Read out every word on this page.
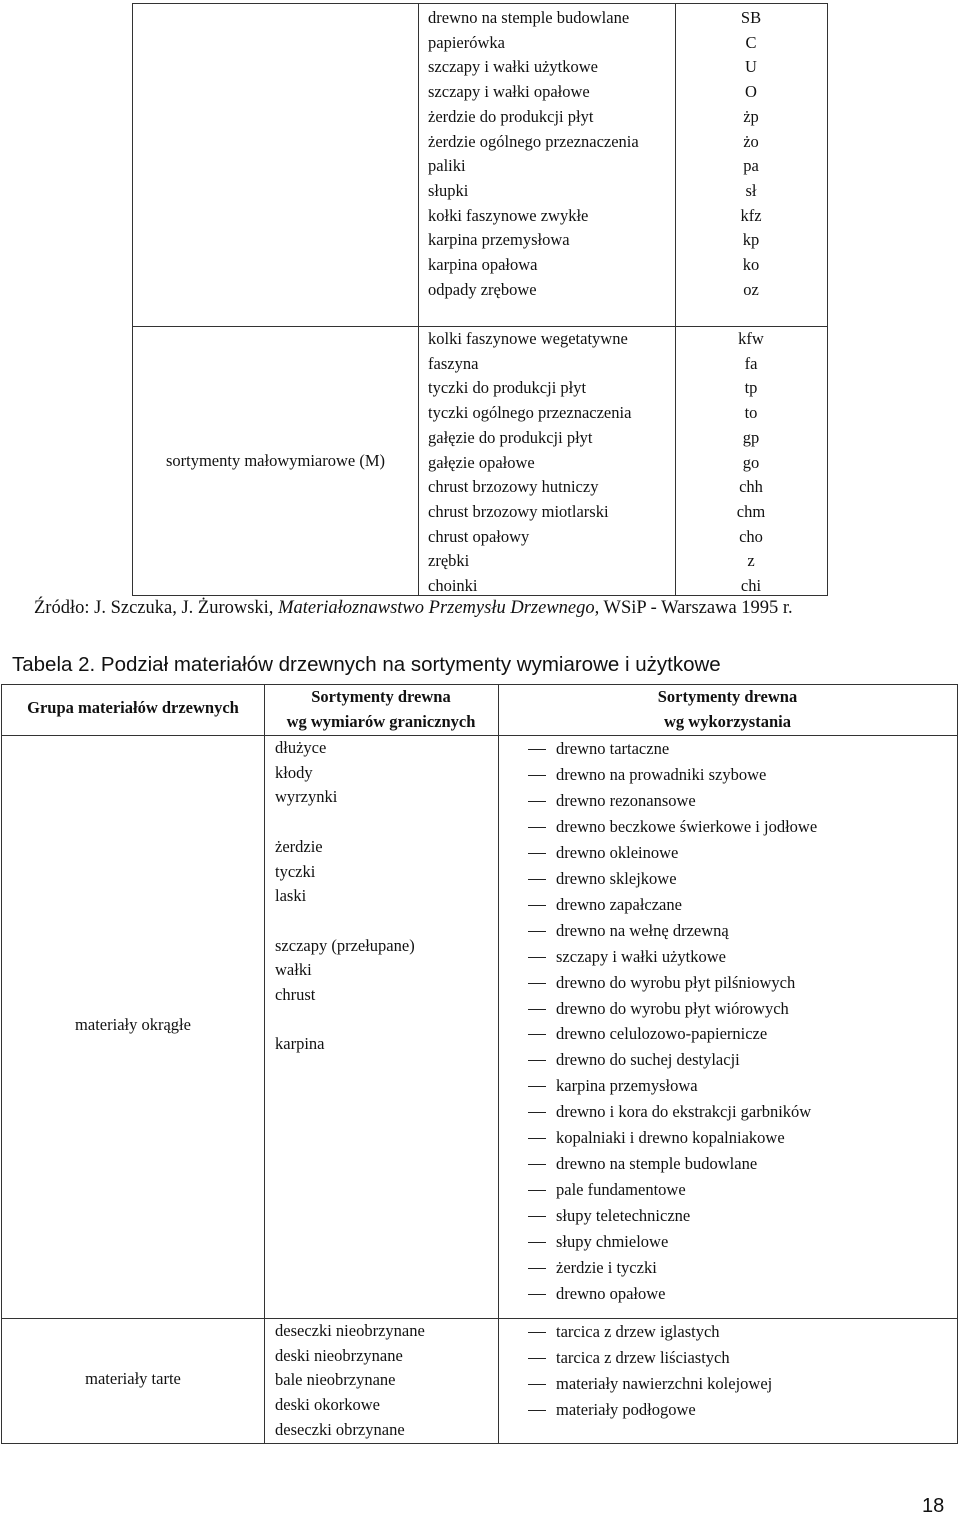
drewno na stemple budowlane
papierówka
szczapy i wałki użytkowe
szczapy i wałki opałowe
żerdzie do produkcji płyt
żerdzie ogólnego przeznaczenia
paliki
słupki
kołki faszynowe zwykłe
karpina przemysłowa
karpina opałowa
odpady zrębowe
SB
C
U
O
żp
żo
pa
sł
kfz
kp
ko
oz
sortymenty małowymiarowe (M)
kolki faszynowe wegetatywne
faszyna
tyczki do produkcji płyt
tyczki ogólnego przeznaczenia
gałęzie do produkcji płyt
gałęzie opałowe
chrust brzozowy hutniczy
chrust brzozowy miotlarski
chrust opałowy
zrębki
choinki
kfw
fa
tp
to
gp
go
chh
chm
cho
z
chi
Źródło: J. Szczuka, J. Żurowski, Materiałoznawstwo Przemysłu Drzewnego, WSiP - Warszawa 1995 r.
Tabela 2. Podział materiałów drzewnych na sortymenty wymiarowe i użytkowe
Grupa materiałów drzewnych
Sortymenty drewna
wg wymiarów granicznych
Sortymenty drewna
wg wykorzystania
materiały okrągłe
dłużyce
kłody
wyrzynki
żerdzie
tyczki
laski
szczapy (przełupane)
wałki
chrust
karpina
drewno tartaczne
drewno na prowadniki szybowe
drewno rezonansowe
drewno beczkowe świerkowe i jodłowe
drewno okleinowe
drewno sklejkowe
drewno zapałczane
drewno na wełnę drzewną
szczapy i wałki użytkowe
drewno do wyrobu płyt pilśniowych
drewno do wyrobu płyt wiórowych
drewno celulozowo-papiernicze
drewno do suchej destylacji
karpina przemysłowa
drewno i kora do ekstrakcji garbników
kopalniaki i drewno kopalniakowe
drewno na stemple budowlane
pale fundamentowe
słupy teletechniczne
słupy chmielowe
żerdzie i tyczki
drewno opałowe
materiały tarte
deseczki nieobrzynane
deski nieobrzynane
bale nieobrzynane
deski okorkowe
deseczki obrzynane
tarcica z drzew iglastych
tarcica z drzew liściastych
materiały nawierzchni kolejowej
materiały podłogowe
18
